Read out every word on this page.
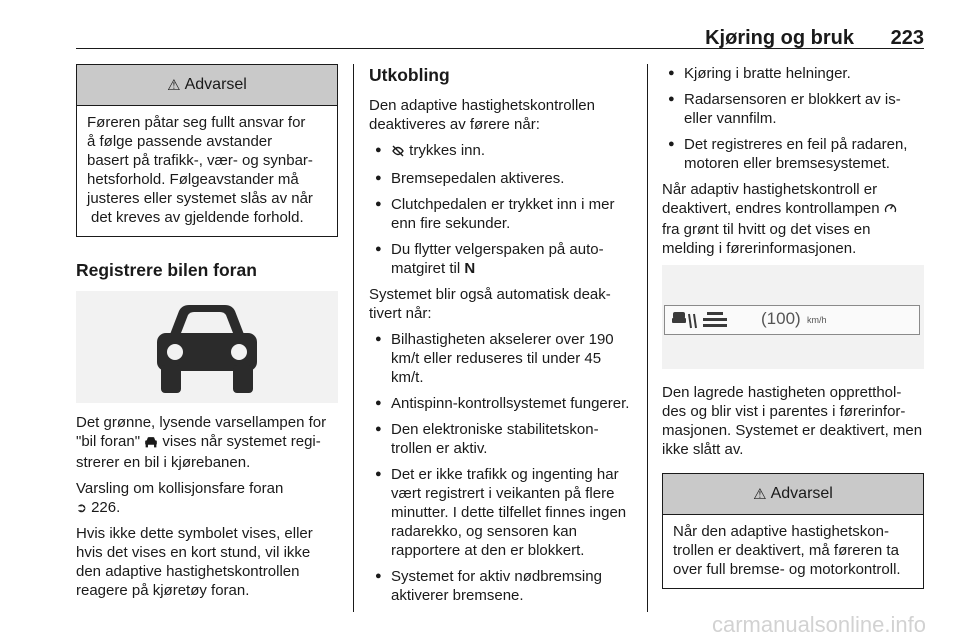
Kjøring og bruk 223
⚠ Advarsel
Føreren påtar seg fullt ansvar for
å følge passende avstander
basert på trafikk-, vær- og synbar-
hetsforhold. Følgeavstander må
justeres eller systemet slås av når
det kreves av gjeldende forhold.
Registrere bilen foran

Det grønne, lysende varsellampen for "bil foran" vises når systemet regi-strerer en bil i kjørebanen.

Varsling om kollisjonsfare foran
➲ 226.

Hvis ikke dette symbolet vises, eller hvis det vises en kort stund, vil ikke den adaptive hastighetskontrollen reagere på kjøretøy foran.

Utkobling

Den adaptive hastighetskontrollen deaktiveres av førere når:

● trykkes inn.
● Bremsepedalen aktiveres.
● Clutchpedalen er trykket inn i mer enn fire sekunder.
● Du flytter velgerspaken på auto-matgiret til N

Systemet blir også automatisk deak-tivert når:

● Bilhastigheten akselerer over 190 km/t eller reduseres til under 45 km/t.
● Antispinn-kontrollsystemet fungerer.
● Den elektroniske stabilitetskon-trollen er aktiv.
● Det er ikke trafikk og ingenting har vært registrert i veikanten på flere minutter. I dette tilfellet finnes ingen radarekko, og sensoren kan rapportere at den er blokkert.
● Systemet for aktiv nødbremsing aktiverer bremsene.
● Kjøring i bratte helninger.
● Radarsensoren er blokkert av is-eller vannfilm.
● Det registreres en feil på radaren, motoren eller bremsesystemet.

Når adaptiv hastighetskontroll er deaktivert, endres kontrollampen
fra grønt til hvitt og det vises en melding i førerinformasjonen.

(100) km/h

Den lagrede hastigheten oppretthol-des og blir vist i parentes i førerinfor-masjonen. Systemet er deaktivert, men ikke slått av.

⚠ Advarsel
Når den adaptive hastighetskon-trollen er deaktivert, må føreren ta over full bremse- og motorkontroll.
carmanualsonline.info
